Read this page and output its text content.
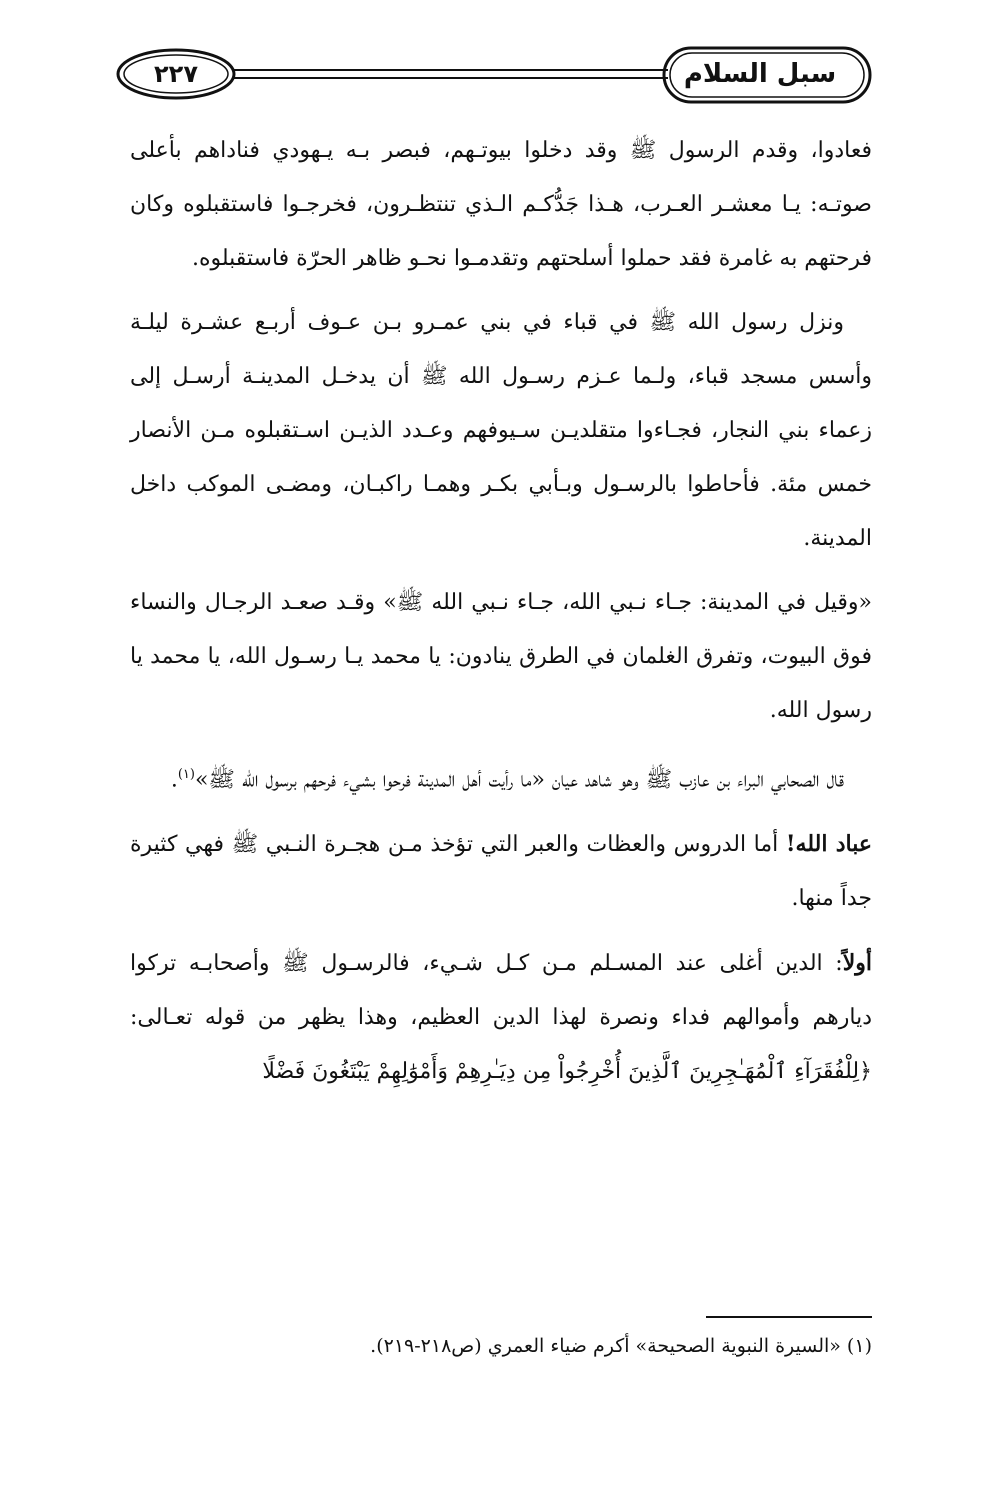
٢٢٧	سبل السلام

فعادوا، وقدم الرسول ﷺ وقد دخلوا بيوتـهم، فبصر بـه يـهودي فناداهم بأعلى صوتـه: يـا معشـر العـرب، هـذا جَدُّكـم الـذي تنتظـرون، فخرجـوا فاستقبلوه وكان فرحتهم به غامرة فقد حملوا أسلحتهم وتقدمـوا نحـو ظاهر الحرّة فاستقبلوه.

ونزل رسول الله ﷺ في قباء في بني عمـرو بـن عـوف أربـع عشـرة ليلـة وأسس مسجد قباء، ولـما عـزم رسـول الله ﷺ أن يدخـل المدينـة أرسـل إلى زعماء بني النجار، فجـاءوا متقلديـن سـيوفهم وعـدد الذيـن اسـتقبلوه مـن الأنصار خمس مئة. فأحاطوا بالرسـول وبـأبي بكـر وهمـا راكبـان، ومضـى الموكب داخل المدينة.

«وقيل في المدينة: جـاء نـبي الله، جـاء نـبي الله ﷺ» وقـد صعـد الرجـال والنساء فوق البيوت، وتفرق الغلمان في الطرق ينادون: يا محمد يـا رسـول الله، يا محمد يا رسول الله.

قال الصحابي البراء بن عازب ﷺ وهو شاهد عيان «ما رأيت أهل المدينة فرحوا بشيء فرحهم برسول الله ﷺ»$^{(١)}$.

عباد الله! أما الدروس والعظات والعبر التي تؤخذ مـن هجـرة النـبي ﷺ فهي كثيرة جداً منها.

أولاً: الدين أغلى عند المسـلم مـن كـل شـيء، فالرسـول ﷺ وأصحابـه تركوا ديارهم وأموالهم فداء ونصرة لهذا الدين العظيم، وهذا يظهر من قوله تعـالى: ﴿لِلْفُقَرَآءِ ٱلْمُهَـٰجِرِينَ ٱلَّذِينَ أُخْرِجُواْ مِن دِيَـٰرِهِمْ وَأَمْوَٰلِهِمْ يَبْتَغُونَ فَضْلًا

(١) «السيرة النبوية الصحيحة» أكرم ضياء العمري (ص٢١٨-٢١٩).
